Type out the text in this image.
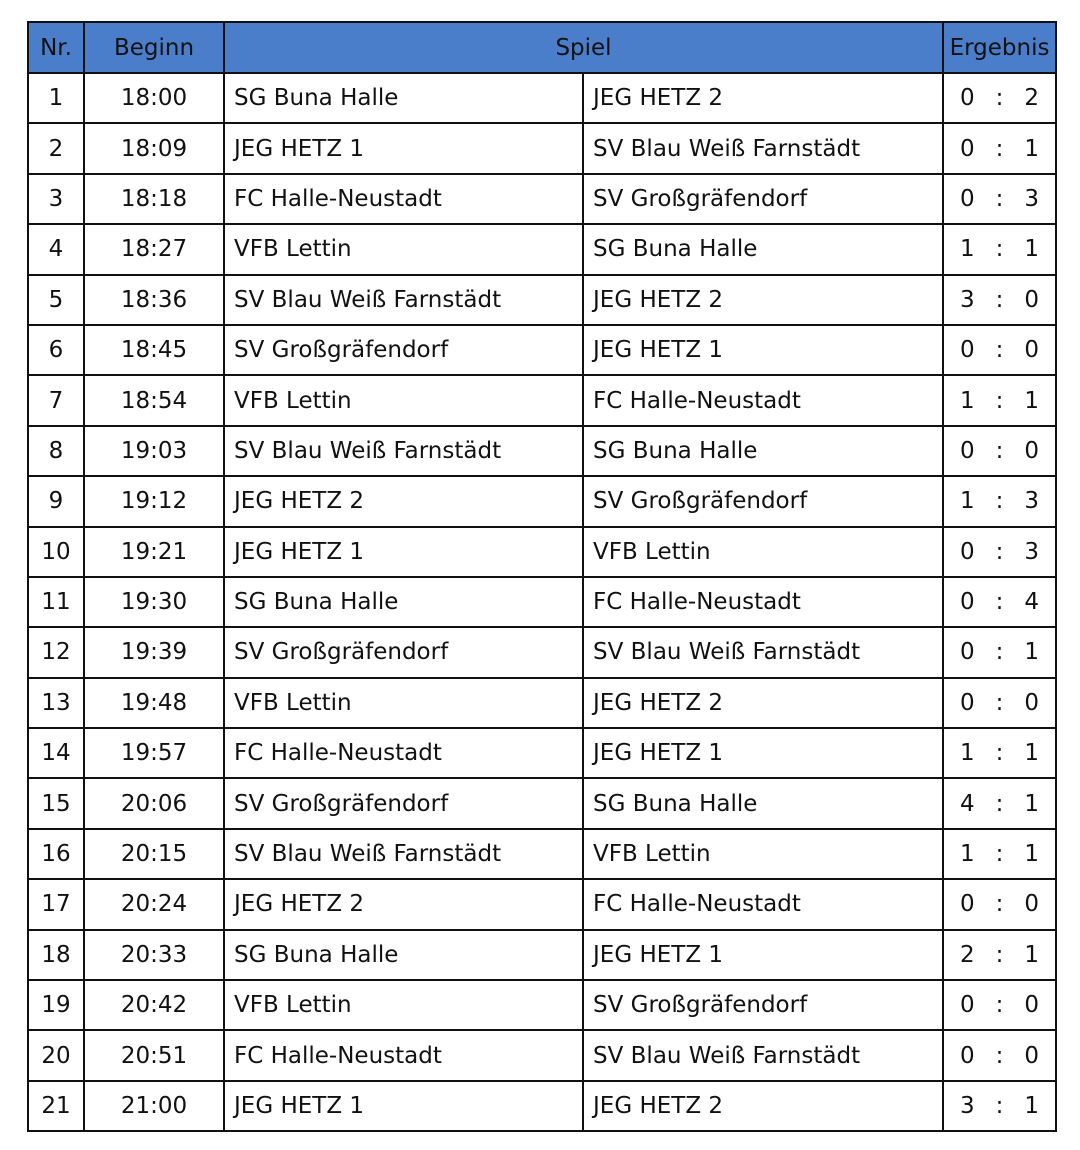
Nr.	Beginn	Spiel		Ergebnis
1	18:00	SG Buna Halle	JEG HETZ 2	0 : 2

2	18:09	JEG HETZ 1	SV Blau Weiß Farnstädt	0 : 1

3	18:18	FC Halle-Neustadt	SV Großgräfendorf	0 : 3

4	18:27	VFB Lettin	SG Buna Halle	1 : 1

5	18:36	SV Blau Weiß Farnstädt	JEG HETZ 2	3 : 0

6	18:45	SV Großgräfendorf	JEG HETZ 1	0 : 0

7	18:54	VFB Lettin	FC Halle-Neustadt	1 : 1

8	19:03	SV Blau Weiß Farnstädt	SG Buna Halle	0 : 0

9	19:12	JEG HETZ 2	SV Großgräfendorf	1 : 3

10	19:21	JEG HETZ 1	VFB Lettin	0 : 3

11	19:30	SG Buna Halle	FC Halle-Neustadt	0 : 4

12	19:39	SV Großgräfendorf	SV Blau Weiß Farnstädt	0 : 1

13	19:48	VFB Lettin	JEG HETZ 2	0 : 0

14	19:57	FC Halle-Neustadt	JEG HETZ 1	1 : 1

15	20:06	SV Großgräfendorf	SG Buna Halle	4 : 1

16	20:15	SV Blau Weiß Farnstädt	VFB Lettin	1 : 1

17	20:24	JEG HETZ 2	FC Halle-Neustadt	0 : 0

18	20:33	SG Buna Halle	JEG HETZ 1	2 : 1

19	20:42	VFB Lettin	SV Großgräfendorf	0 : 0

20	20:51	FC Halle-Neustadt	SV Blau Weiß Farnstädt	0 : 0

21	21:00	JEG HETZ 1	JEG HETZ 2	3 : 1
